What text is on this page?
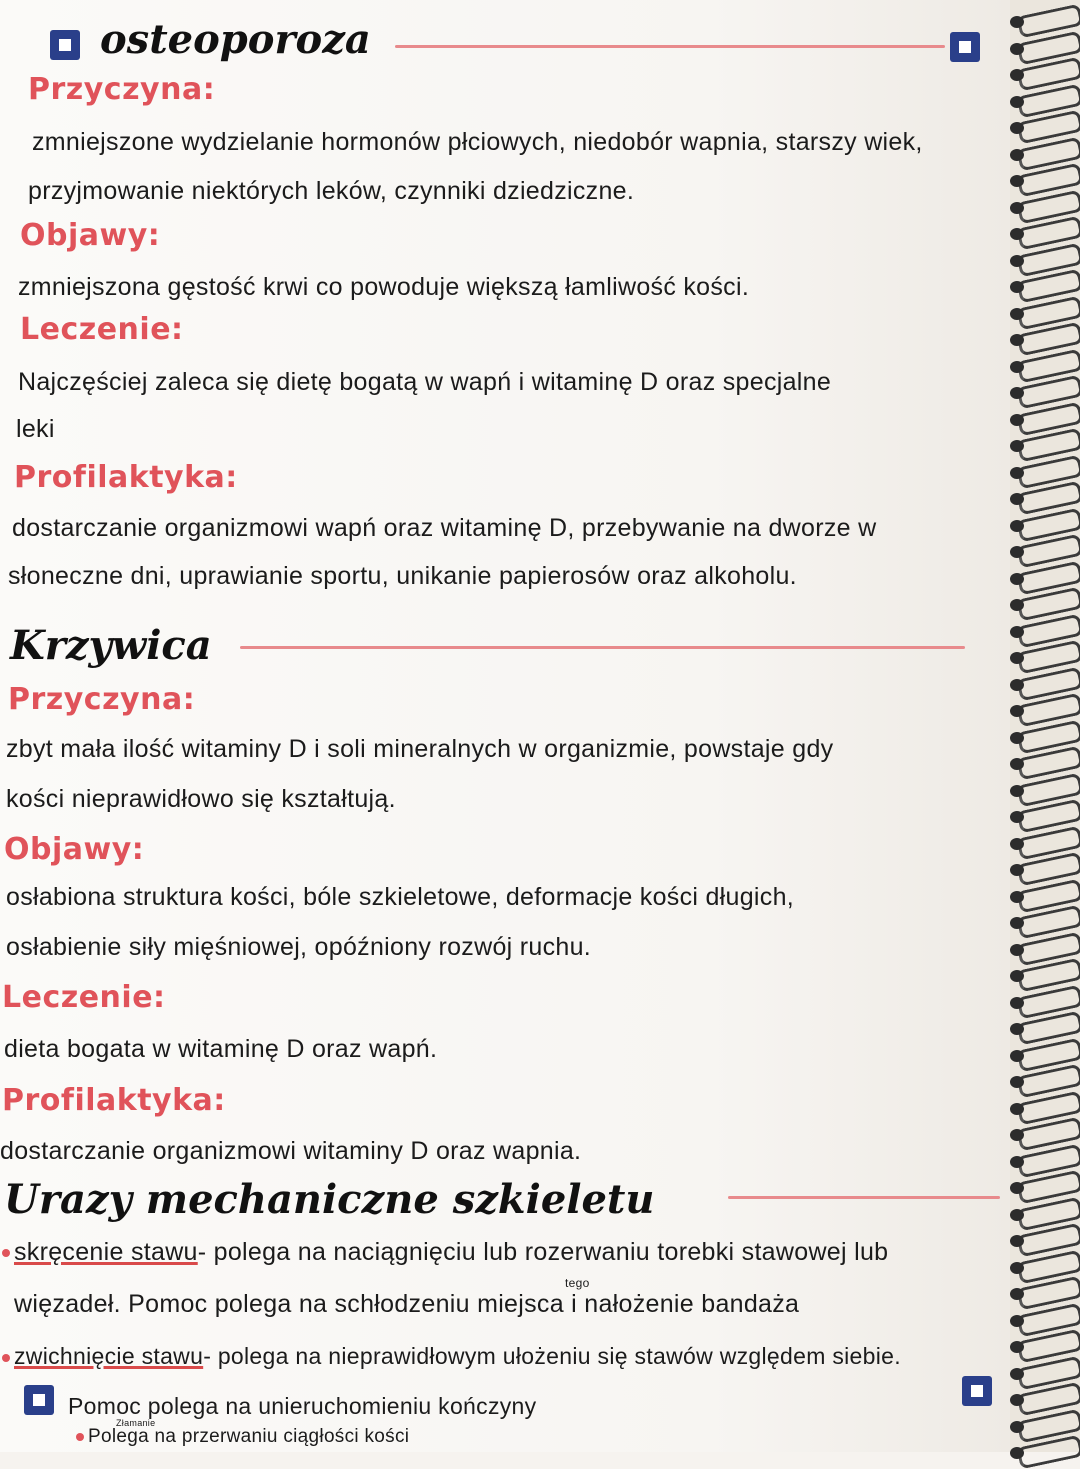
osteoporoza
Przyczyna:
zmniejszone wydzielanie hormonów płciowych, niedobór wapnia, starszy wiek,
przyjmowanie niektórych leków, czynniki dziedziczne.
Objawy:
zmniejszona gęstość krwi co powoduje większą łamliwość kości.
Leczenie:
Najczęściej zaleca się dietę bogatą w wapń i witaminę D oraz specjalne
leki
Profilaktyka:
dostarczanie organizmowi wapń oraz witaminę D, przebywanie na dworze w
słoneczne dni, uprawianie sportu, unikanie papierosów oraz alkoholu.
Krzywica
Przyczyna:
zbyt mała ilość witaminy D i soli mineralnych w organizmie, powstaje gdy
kości nieprawidłowo się kształtują.
Objawy:
osłabiona struktura kości, bóle szkieletowe, deformacje kości długich,
osłabienie siły mięśniowej, opóźniony rozwój ruchu.
Leczenie:
dieta bogata w witaminę D oraz wapń.
Profilaktyka:
dostarczanie organizmowi witaminy D oraz wapnia.
Urazy mechaniczne szkieletu
skręcenie stawu- polega na naciągnięciu lub rozerwaniu torebki stawowej lub
więzadeł. Pomoc polega na schłodzeniu miejsca i nałożenie bandaża
tego
zwichnięcie stawu- polega na nieprawidłowym ułożeniu się stawów względem siebie.
Pomoc polega na unieruchomieniu kończyny
Złamanie
Polega na przerwaniu ciągłości kości
